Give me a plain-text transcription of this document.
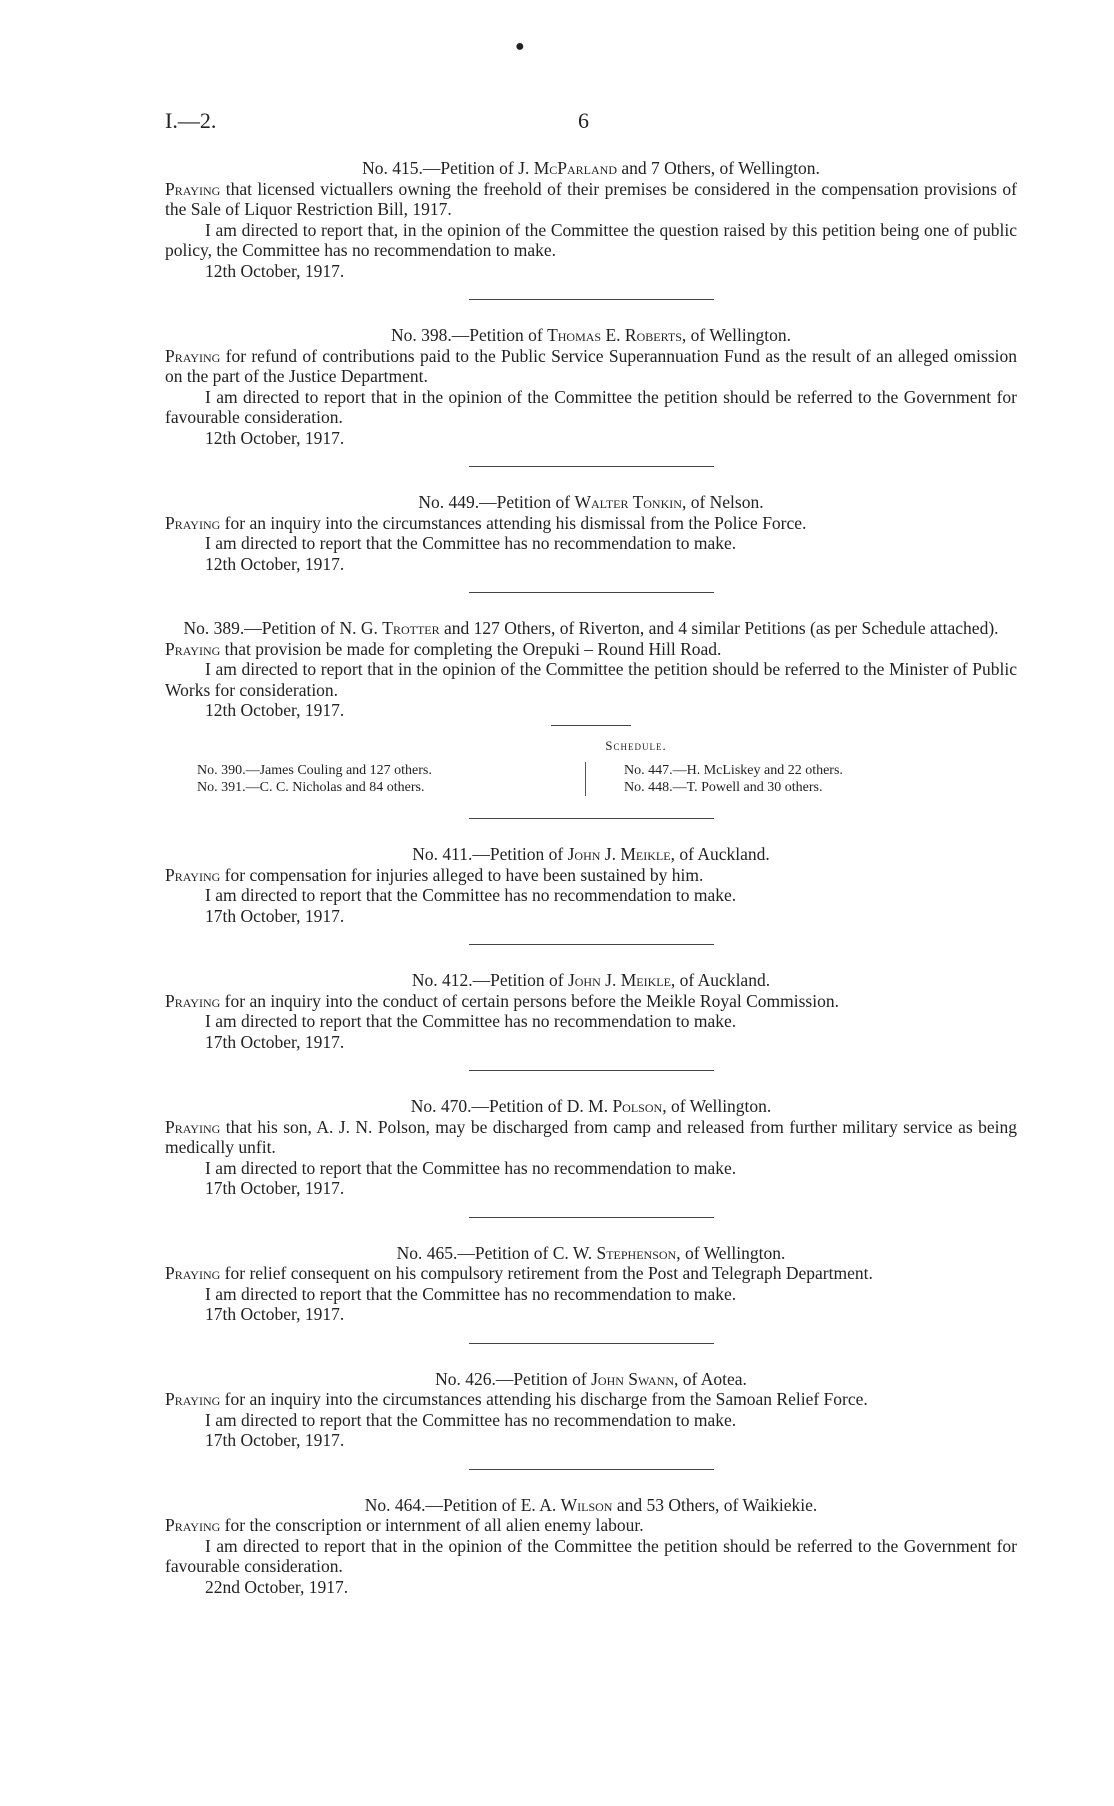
●
I.—2.	6
No. 415.—Petition of J. McParland and 7 Others, of Wellington.

Praying that licensed victuallers owning the freehold of their premises be considered in the compensation provisions of the Sale of Liquor Restriction Bill, 1917.

I am directed to report that, in the opinion of the Committee the question raised by this petition being one of public policy, the Committee has no recommendation to make.

12th October, 1917.
No. 398.—Petition of Thomas E. Roberts, of Wellington.

Praying for refund of contributions paid to the Public Service Superannuation Fund as the result of an alleged omission on the part of the Justice Department.

I am directed to report that in the opinion of the Committee the petition should be referred to the Government for favourable consideration.

12th October, 1917.
No. 449.—Petition of Walter Tonkin, of Nelson.

Praying for an inquiry into the circumstances attending his dismissal from the Police Force.

I am directed to report that the Committee has no recommendation to make.

12th October, 1917.
No. 389.—Petition of N. G. Trotter and 127 Others, of Riverton, and 4 similar Petitions (as per Schedule attached).

Praying that provision be made for completing the Orepuki – Round Hill Road.

I am directed to report that in the opinion of the Committee the petition should be referred to the Minister of Public Works for consideration.

12th October, 1917.
Schedule.
No. 390.—James Couling and 127 others.
No. 391.—C. C. Nicholas and 84 others.
No. 447.—H. McLiskey and 22 others.
No. 448.—T. Powell and 30 others.
No. 411.—Petition of John J. Meikle, of Auckland.

Praying for compensation for injuries alleged to have been sustained by him.

I am directed to report that the Committee has no recommendation to make.

17th October, 1917.
No. 412.—Petition of John J. Meikle, of Auckland.

Praying for an inquiry into the conduct of certain persons before the Meikle Royal Commission.

I am directed to report that the Committee has no recommendation to make.

17th October, 1917.
No. 470.—Petition of D. M. Polson, of Wellington.

Praying that his son, A. J. N. Polson, may be discharged from camp and released from further military service as being medically unfit.

I am directed to report that the Committee has no recommendation to make.

17th October, 1917.
No. 465.—Petition of C. W. Stephenson, of Wellington.

Praying for relief consequent on his compulsory retirement from the Post and Telegraph Department.

I am directed to report that the Committee has no recommendation to make.

17th October, 1917.
No. 426.—Petition of John Swann, of Aotea.

Praying for an inquiry into the circumstances attending his discharge from the Samoan Relief Force.

I am directed to report that the Committee has no recommendation to make.

17th October, 1917.
No. 464.—Petition of E. A. Wilson and 53 Others, of Waikiekie.

Praying for the conscription or internment of all alien enemy labour.

I am directed to report that in the opinion of the Committee the petition should be referred to the Government for favourable consideration.

22nd October, 1917.
